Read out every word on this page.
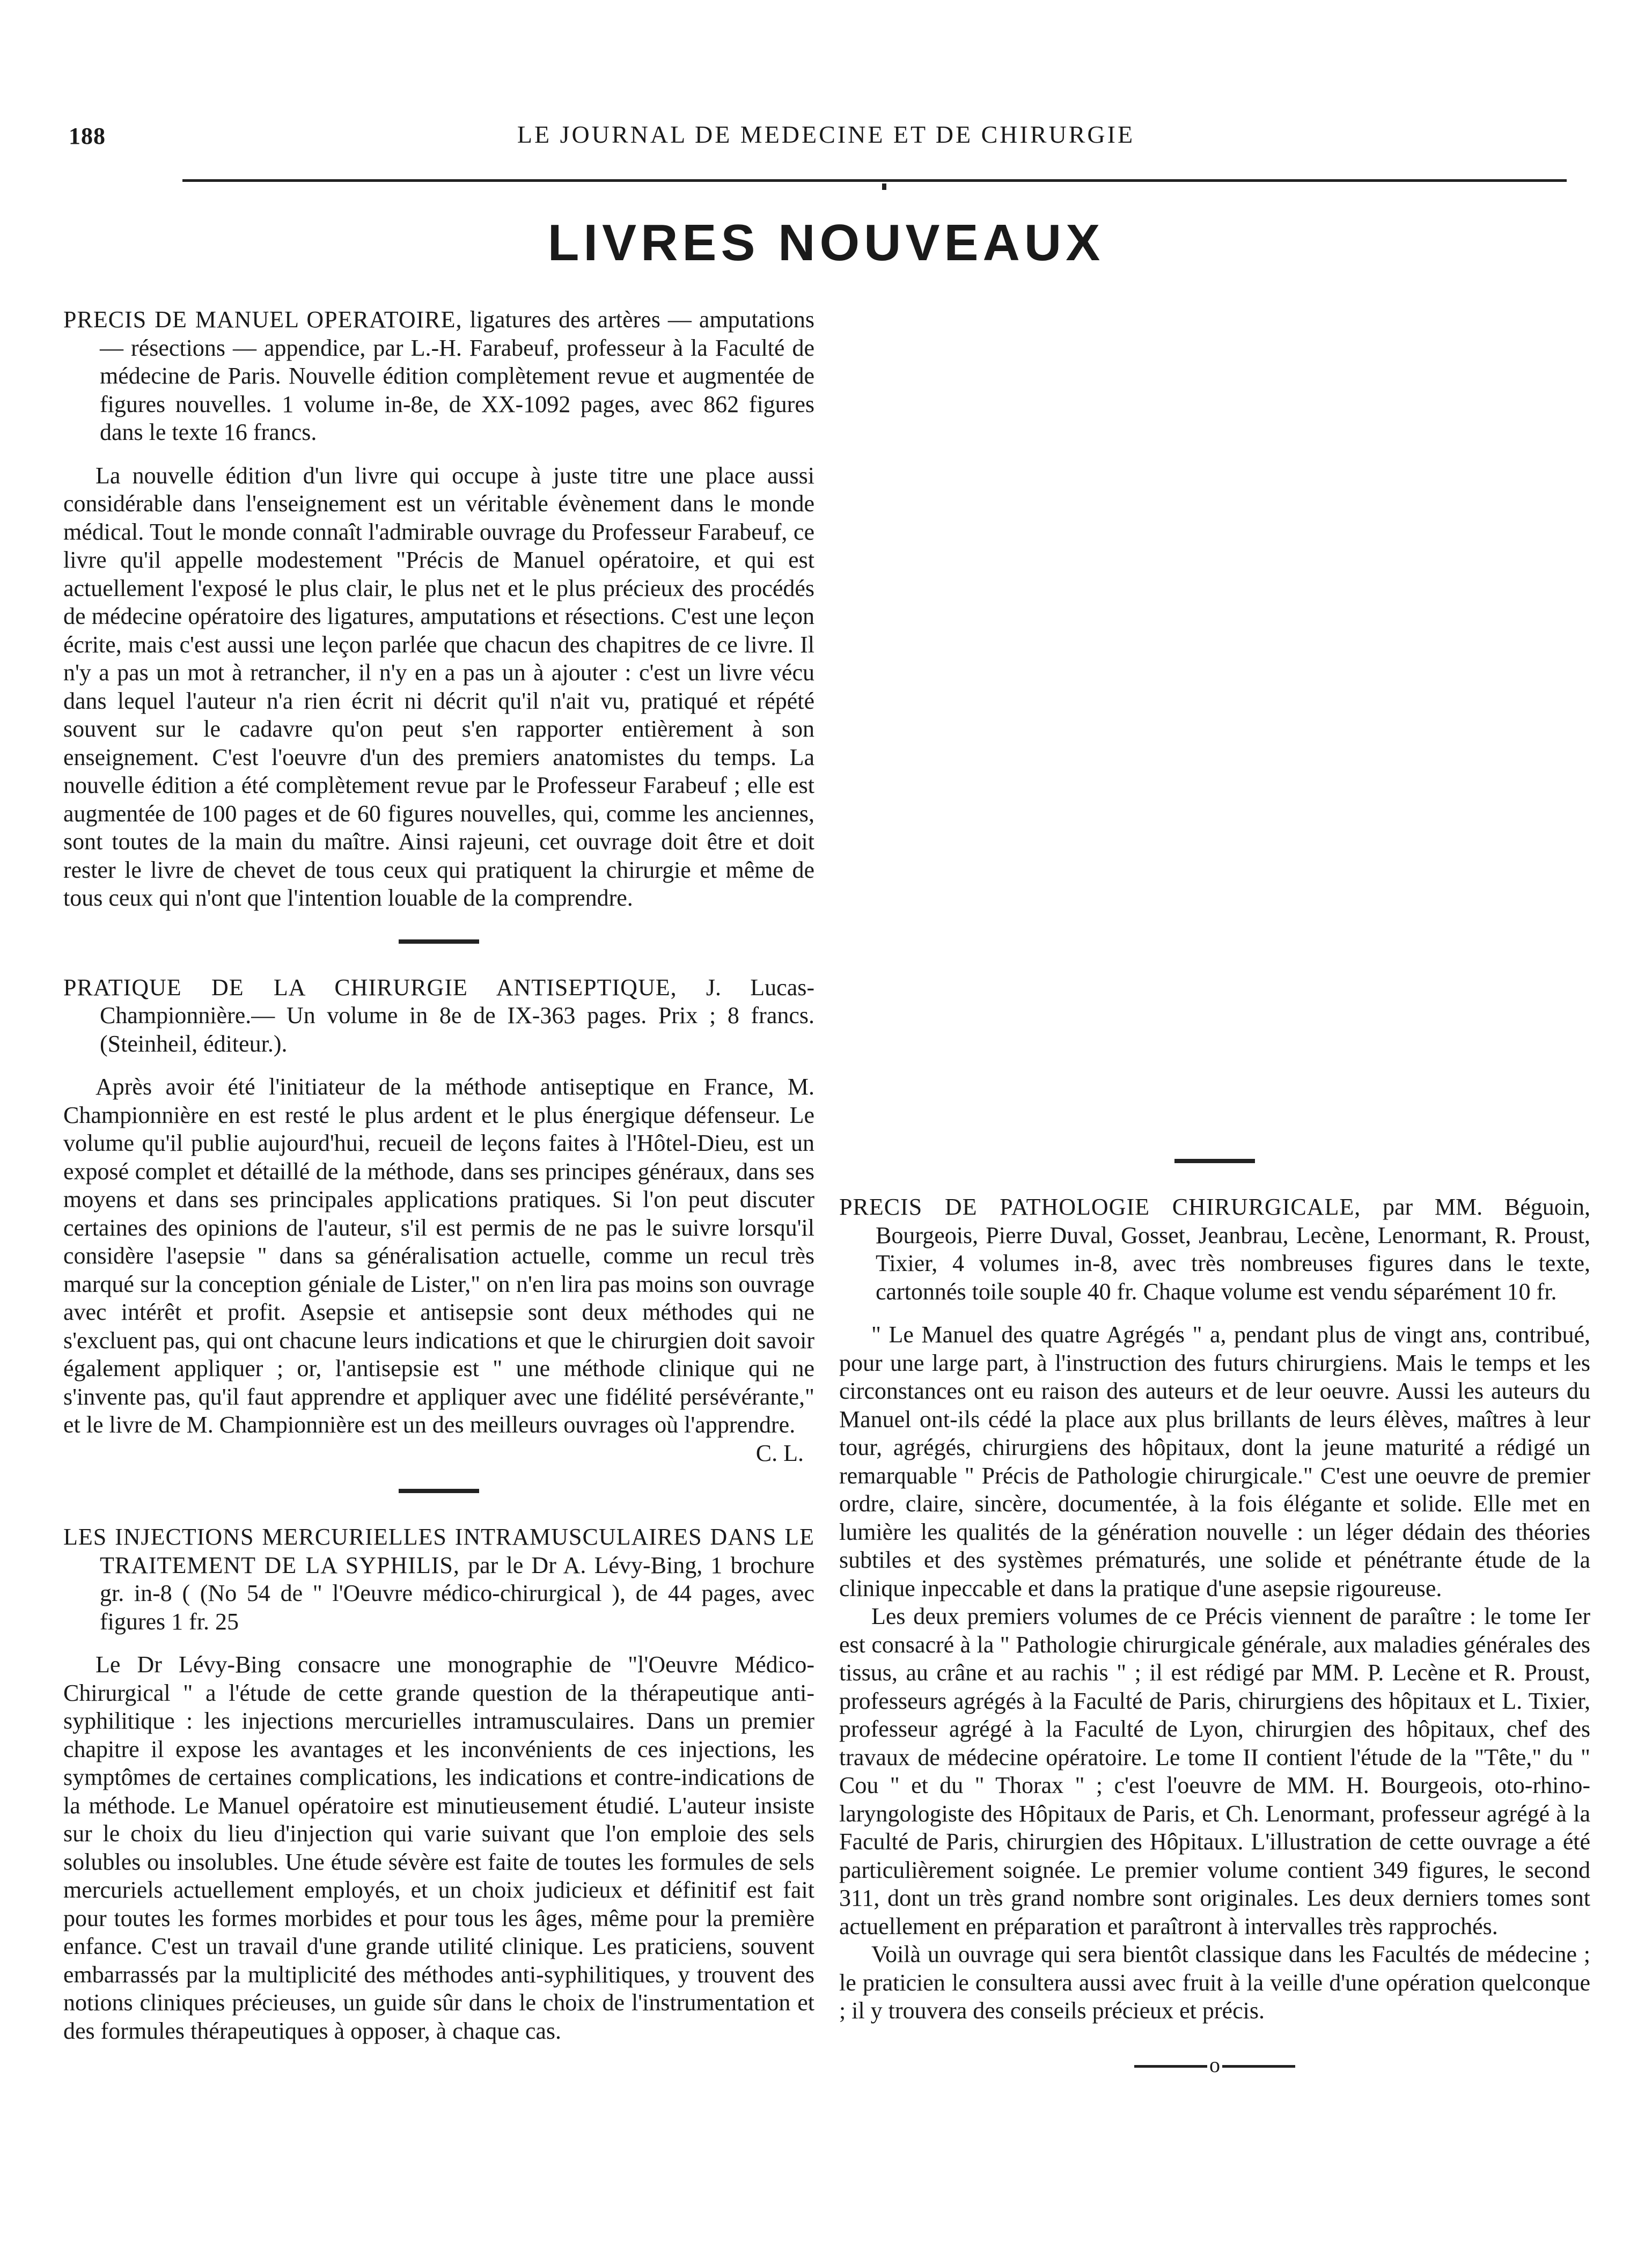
188	LE JOURNAL DE MEDECINE ET DE CHIRURGIE
LIVRES NOUVEAUX

PRECIS DE MANUEL OPERATOIRE, ligatures des artères — amputations — résections — appendice, par L.-H. Farabeuf, professeur à la Faculté de médecine de Paris. Nouvelle édition complètement revue et augmentée de figures nouvelles. 1 volume in-8e, de XX-1092 pages, avec 862 figures dans le texte 16 francs.

La nouvelle édition d'un livre qui occupe à juste titre une place aussi considérable dans l'enseignement est un véritable évènement dans le monde médical. Tout le monde connaît l'admirable ouvrage du Professeur Farabeuf, ce livre qu'il appelle modestement "Précis de Manuel opératoire, et qui est actuellement l'exposé le plus clair, le plus net et le plus précieux des procédés de médecine opératoire des ligatures, amputations et résections. C'est une leçon écrite, mais c'est aussi une leçon parlée que chacun des chapitres de ce livre. Il n'y a pas un mot à retrancher, il n'y en a pas un à ajouter : c'est un livre vécu dans lequel l'auteur n'a rien écrit ni décrit qu'il n'ait vu, pratiqué et répété souvent sur le cadavre qu'on peut s'en rapporter entièrement à son enseignement. C'est l'oeuvre d'un des premiers anatomistes du temps. La nouvelle édition a été complètement revue par le Professeur Farabeuf ; elle est augmentée de 100 pages et de 60 figures nouvelles, qui, comme les anciennes, sont toutes de la main du maître. Ainsi rajeuni, cet ouvrage doit être et doit rester le livre de chevet de tous ceux qui pratiquent la chirurgie et même de tous ceux qui n'ont que l'intention louable de la comprendre.

PRATIQUE DE LA CHIRURGIE ANTISEPTIQUE, J. Lucas-Championnière.— Un volume in 8e de IX-363 pages. Prix ; 8 francs. (Steinheil, éditeur.).

Après avoir été l'initiateur de la méthode antiseptique en France, M. Championnière en est resté le plus ardent et le plus énergique défenseur. Le volume qu'il publie aujourd'hui, recueil de leçons faites à l'Hôtel-Dieu, est un exposé complet et détaillé de la méthode, dans ses principes généraux, dans ses moyens et dans ses principales applications pratiques. Si l'on peut discuter certaines des opinions de l'auteur, s'il est permis de ne pas le suivre lorsqu'il considère l'asepsie " dans sa généralisation actuelle, comme un recul très marqué sur la conception géniale de Lister," on n'en lira pas moins son ouvrage avec intérêt et profit. Asepsie et antisepsie sont deux méthodes qui ne s'excluent pas, qui ont chacune leurs indications et que le chirurgien doit savoir également appliquer ; or, l'antisepsie est " une méthode clinique qui ne s'invente pas, qu'il faut apprendre et appliquer avec une fidélité persévérante," et le livre de M. Championnière est un des meilleurs ouvrages où l'apprendre.

C. L.

LES INJECTIONS MERCURIELLES INTRAMUSCULAIRES DANS LE TRAITEMENT DE LA SYPHILIS, par le Dr A. Lévy-Bing, 1 brochure gr. in-8 ( (No 54 de " l'Oeuvre médico-chirurgical ), de 44 pages, avec figures 1 fr. 25

Le Dr Lévy-Bing consacre une monographie de "l'Oeuvre Médico-Chirurgical " a l'étude de cette grande question de la thérapeutique anti-syphilitique : les injections mercurielles intramusculaires. Dans un premier chapitre il expose les avantages et les inconvénients de ces injections, les symptômes de certaines complications, les indications et contre-indications de la méthode. Le Manuel opératoire est minutieusement étudié. L'auteur insiste sur le choix du lieu d'injection qui varie suivant que l'on emploie des sels solubles ou insolubles. Une étude sévère est faite de toutes les formules de sels mercuriels actuellement employés, et un choix judicieux et définitif est fait pour toutes les formes morbides et pour tous les âges, même pour la première enfance. C'est un travail d'une grande utilité clinique. Les praticiens, souvent embarrassés par la multiplicité des méthodes anti-syphilitiques, y trouvent des notions cliniques précieuses, un guide sûr dans le choix de l'instrumentation et des formules thérapeutiques à opposer, à chaque cas.

PRECIS DE PATHOLOGIE CHIRURGICALE, par MM. Béguoin, Bourgeois, Pierre Duval, Gosset, Jeanbrau, Lecène, Lenormant, R. Proust, Tixier, 4 volumes in-8, avec très nombreuses figures dans le texte, cartonnés toile souple 40 fr. Chaque volume est vendu séparément 10 fr.

" Le Manuel des quatre Agrégés " a, pendant plus de vingt ans, contribué, pour une large part, à l'instruction des futurs chirurgiens. Mais le temps et les circonstances ont eu raison des auteurs et de leur oeuvre. Aussi les auteurs du Manuel ont-ils cédé la place aux plus brillants de leurs élèves, maîtres à leur tour, agrégés, chirurgiens des hôpitaux, dont la jeune maturité a rédigé un remarquable " Précis de Pathologie chirurgicale." C'est une oeuvre de premier ordre, claire, sincère, documentée, à la fois élégante et solide. Elle met en lumière les qualités de la génération nouvelle : un léger dédain des théories subtiles et des systèmes prématurés, une solide et pénétrante étude de la clinique inpeccable et dans la pratique d'une asepsie rigoureuse.

Les deux premiers volumes de ce Précis viennent de paraître : le tome Ier est consacré à la " Pathologie chirurgicale générale, aux maladies générales des tissus, au crâne et au rachis " ; il est rédigé par MM. P. Lecène et R. Proust, professeurs agrégés à la Faculté de Paris, chirurgiens des hôpitaux et L. Tixier, professeur agrégé à la Faculté de Lyon, chirurgien des hôpitaux, chef des travaux de médecine opératoire. Le tome II contient l'étude de la "Tête," du " Cou " et du " Thorax " ; c'est l'oeuvre de MM. H. Bourgeois, oto-rhino-laryngologiste des Hôpitaux de Paris, et Ch. Lenormant, professeur agrégé à la Faculté de Paris, chirurgien des Hôpitaux. L'illustration de cette ouvrage a été particulièrement soignée. Le premier volume contient 349 figures, le second 311, dont un très grand nombre sont originales. Les deux derniers tomes sont actuellement en préparation et paraîtront à intervalles très rapprochés.

Voilà un ouvrage qui sera bientôt classique dans les Facultés de médecine ; le praticien le consultera aussi avec fruit à la veille d'une opération quelconque ; il y trouvera des conseils précieux et précis.

o
